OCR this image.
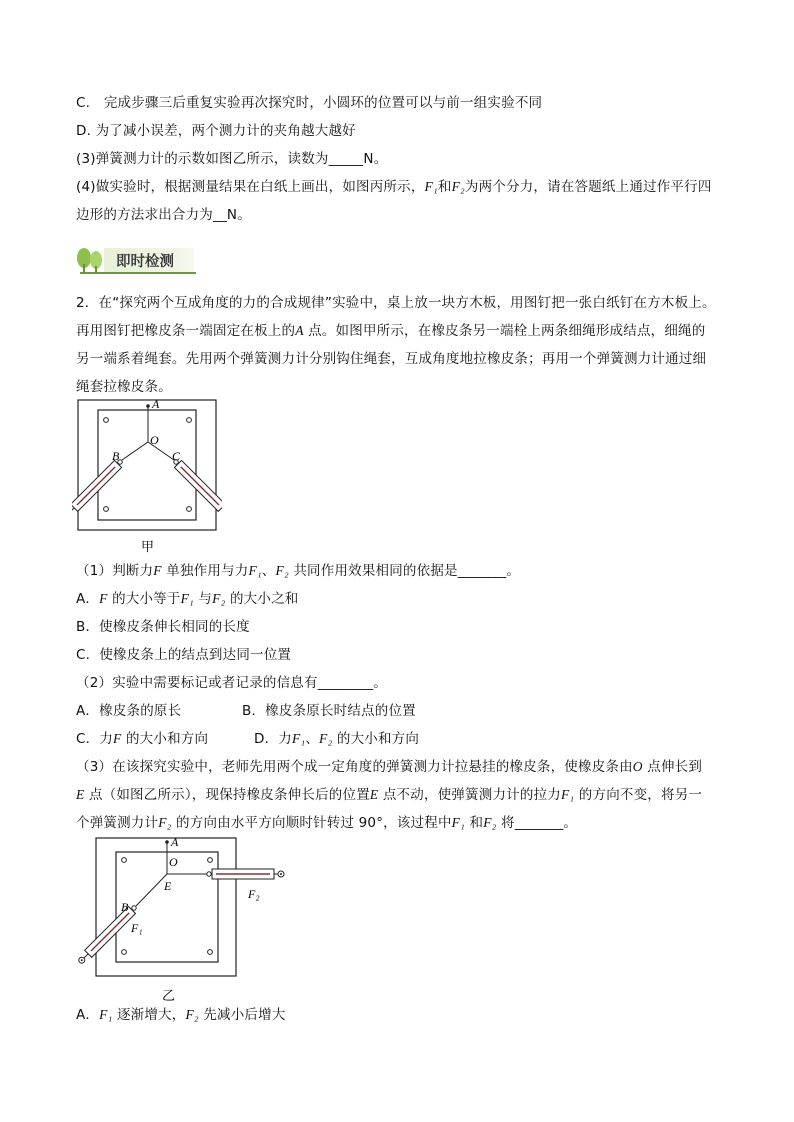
C.　完成步骤三后重复实验再次探究时，小圆环的位置可以与前一组实验不同
D. 为了减小误差，两个测力计的夹角越大越好
(3)弹簧测力计的示数如图乙所示，读数为_____N。
(4)做实验时，根据测量结果在白纸上画出，如图丙所示，F₁和F₂为两个分力，请在答题纸上通过作平行四
边形的方法求出合力为__N。
即时检测
2．在“探究两个互成角度的力的合成规律”实验中，桌上放一块方木板，用图钉把一张白纸钉在方木板上。
再用图钉把橡皮条一端固定在板上的A 点。如图甲所示，在橡皮条另一端栓上两条细绳形成结点，细绳的
另一端系着绳套。先用两个弹簧测力计分别钩住绳套，互成角度地拉橡皮条；再用一个弹簧测力计通过细
绳套拉橡皮条。
A
O
B	C
甲
（1）判断力F 单独作用与力F₁、F₂ 共同作用效果相同的依据是_______。
A．F 的大小等于F₁ 与F₂ 的大小之和
B．使橡皮条伸长相同的长度
C．使橡皮条上的结点到达同一位置
（2）实验中需要标记或者记录的信息有________。
A．橡皮条的原长	B．橡皮条原长时结点的位置
C．力F 的大小和方向	D．力F₁、F₂ 的大小和方向
（3）在该探究实验中，老师先用两个成一定角度的弹簧测力计拉悬挂的橡皮条，使橡皮条由O 点伸长到
E 点（如图乙所示），现保持橡皮条伸长后的位置E 点不动，使弹簧测力计的拉力F₁ 的方向不变，将另一
个弹簧测力计F₂ 的方向由水平方向顺时针转过 90°，该过程中F₁ 和F₂ 将_______。
A
O
E
B
F₁
F₂
乙
A．F₁ 逐渐增大，F₂ 先减小后增大
